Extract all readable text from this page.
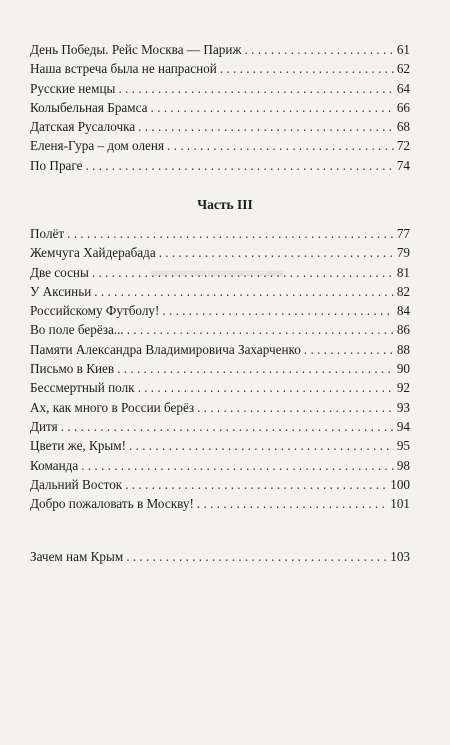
▬▬▬▬▬▬▬
День Победы. Рейс Москва — Париж . . .	61
Наша встреча была не напрасной . . .	62
Русские немцы . . .	64
Колыбельная Брамса . . .	66
Датская Русалочка . . .	68
Еленя-Гура – дом оленя . . .	72
По Праге . . .	74
Часть III
Полёт . . .	77
Жемчуга Хайдерабада . . .	79
Две сосны . . .	81
У Аксиньи . . .	82
Российскому Футболу! . . .	84
Во поле берёза... . . .	86
Памяти Александра Владимировича Захарченко . . .	88
Письмо в Киев . . .	90
Бессмертный полк . . .	92
Ах, как много в России берёз . . .	93
Дитя . . .	94
Цвети же, Крым! . . .	95
Команда . . .	98
Дальний Восток . . .	100
Добро пожаловать в Москву! . . .	101
Зачем нам Крым . . .	103
